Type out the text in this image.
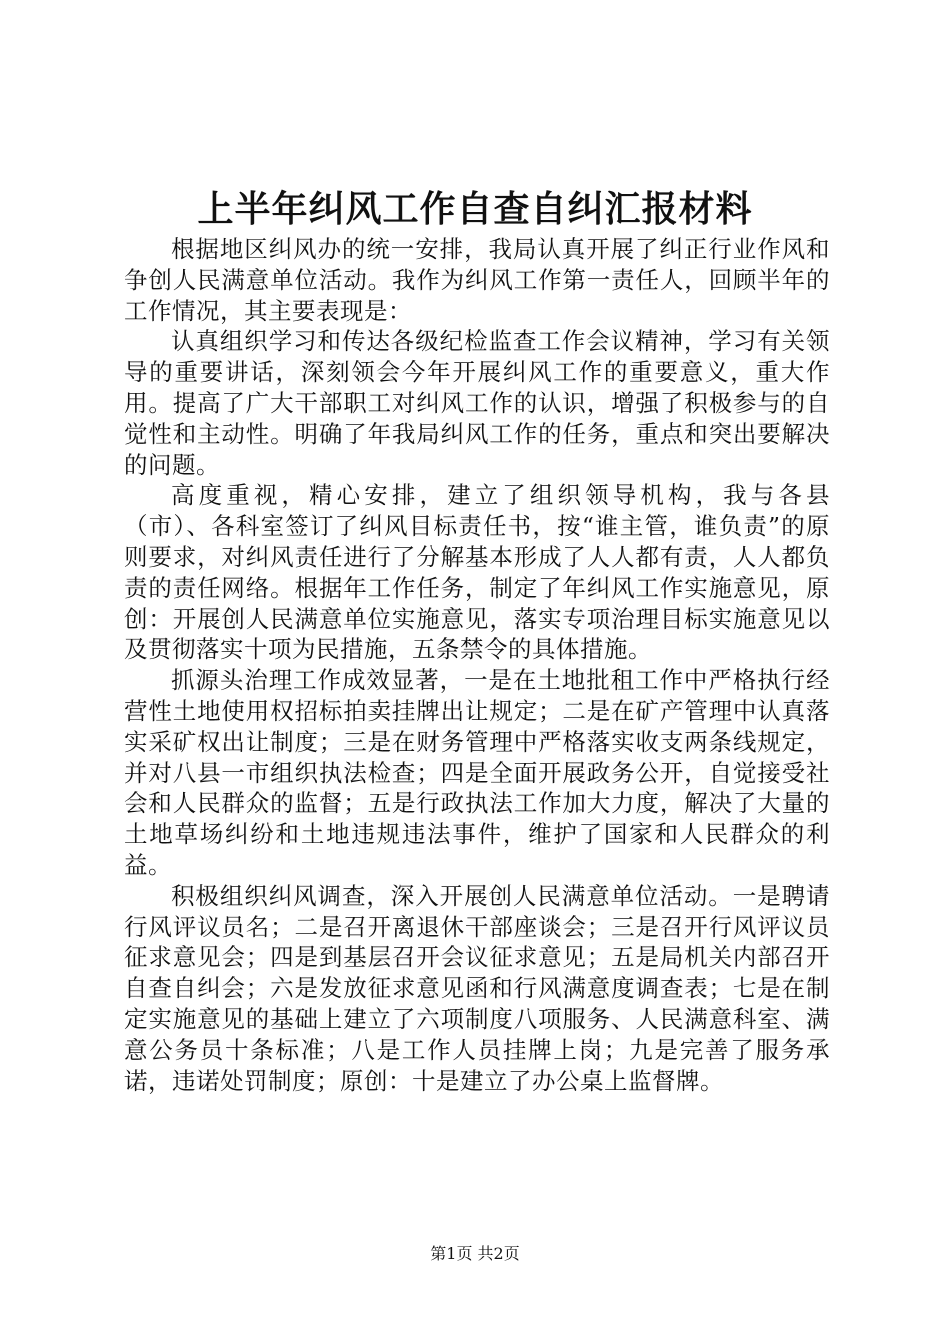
上半年纠风工作自查自纠汇报材料

根据地区纠风办的统一安排，我局认真开展了纠正行业作风和争创人民满意单位活动。我作为纠风工作第一责任人，回顾半年的工作情况，其主要表现是：

认真组织学习和传达各级纪检监查工作会议精神，学习有关领导的重要讲话，深刻领会今年开展纠风工作的重要意义，重大作用。提高了广大干部职工对纠风工作的认识，增强了积极参与的自觉性和主动性。明确了年我局纠风工作的任务，重点和突出要解决的问题。

高度重视，精心安排，建立了组织领导机构，我与各县（市）、各科室签订了纠风目标责任书，按“谁主管，谁负责”的原则要求，对纠风责任进行了分解基本形成了人人都有责，人人都负责的责任网络。根据年工作任务，制定了年纠风工作实施意见，原创：开展创人民满意单位实施意见，落实专项治理目标实施意见以及贯彻落实十项为民措施，五条禁令的具体措施。

抓源头治理工作成效显著，一是在土地批租工作中严格执行经营性土地使用权招标拍卖挂牌出让规定；二是在矿产管理中认真落实采矿权出让制度；三是在财务管理中严格落实收支两条线规定，并对八县一市组织执法检查；四是全面开展政务公开，自觉接受社会和人民群众的监督；五是行政执法工作加大力度，解决了大量的土地草场纠纷和土地违规违法事件，维护了国家和人民群众的利益。

积极组织纠风调查，深入开展创人民满意单位活动。一是聘请行风评议员名；二是召开离退休干部座谈会；三是召开行风评议员征求意见会；四是到基层召开会议征求意见；五是局机关内部召开自查自纠会；六是发放征求意见函和行风满意度调查表；七是在制定实施意见的基础上建立了六项制度八项服务、人民满意科室、满意公务员十条标准；八是工作人员挂牌上岗；九是完善了服务承诺，违诺处罚制度；原创：十是建立了办公桌上监督牌。

第1页 共2页
